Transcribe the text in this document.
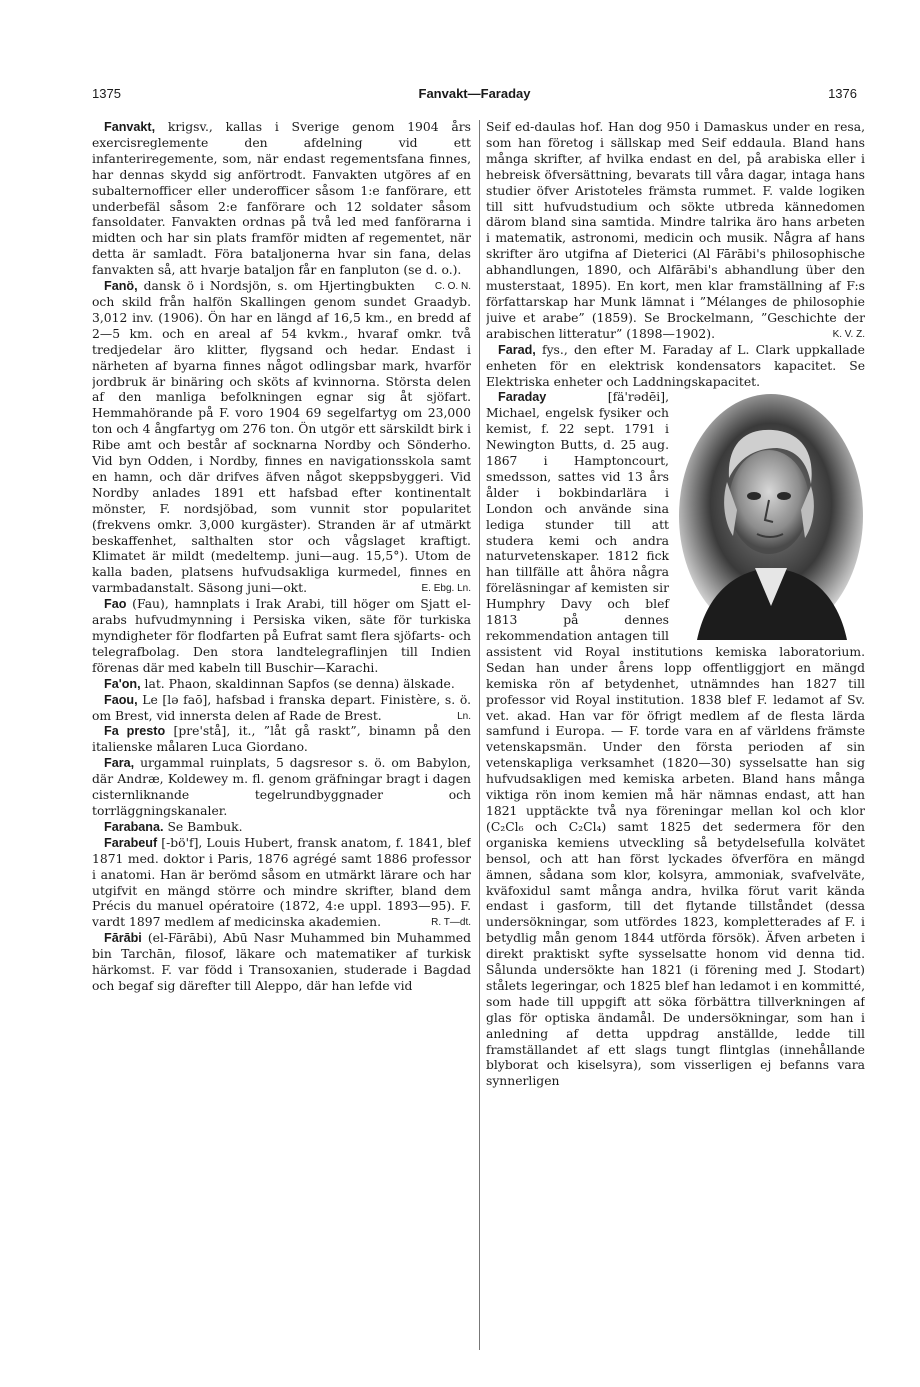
1375	Fanvakt—Faraday	1376

Fanvakt, krigsv., kallas i Sverige genom 1904 års exercisreglemente den afdelning vid ett infanteriregemente, som, när endast regementsfana finnes, har dennas skydd sig anförtrodt. Fanvakten utgöres af en subalternofficer eller underofficer såsom 1:e fanförare, ett underbefäl såsom 2:e fanförare och 12 soldater såsom fansoldater. Fanvakten ordnas på två led med fanförarna i midten och har sin plats framför midten af regementet, när detta är samladt. Föra bataljonerna hvar sin fana, delas fanvakten så, att hvarje bataljon får en fanpluton (se d. o.).
C. O. N.

Fanö, dansk ö i Nordsjön, s. om Hjertingbukten och skild från halfön Skallingen genom sundet Graadyb. 3,012 inv. (1906). Ön har en längd af 16,5 km., en bredd af 2—5 km. och en areal af 54 kvkm., hvaraf omkr. två tredjedelar äro klitter, flygsand och hedar. Endast i närheten af byarna finnes något odlingsbar mark, hvarför jordbruk är binäring och sköts af kvinnorna. Största delen af den manliga befolkningen egnar sig åt sjöfart. Hemmahörande på F. voro 1904 69 segelfartyg om 23,000 ton och 4 ångfartyg om 276 ton. Ön utgör ett särskildt birk i Ribe amt och består af socknarna Nordby och Sönderho. Vid byn Odden, i Nordby, finnes en navigationsskola samt en hamn, och där drifves äfven något skeppsbyggeri. Vid Nordby anlades 1891 ett hafsbad efter kontinentalt mönster, F. nordsjöbad, som vunnit stor popularitet (frekvens omkr. 3,000 kurgäster). Stranden är af utmärkt beskaffenhet, salthalten stor och vågslaget kraftigt. Klimatet är mildt (medeltemp. juni—aug. 15,5°). Utom de kalla baden, platsens hufvudsakliga kurmedel, finnes en varmbadanstalt. Säsong juni—okt.	E. Ebg. Ln.

Fao (Fau), hamnplats i Irak Arabi, till höger om Sjatt el-arabs hufvudmynning i Persiska viken, säte för turkiska myndigheter för flodfarten på Eufrat samt flera sjöfarts- och telegrafbolag. Den stora landtelegraflinjen till Indien förenas där med kabeln till Buschir—Karachi.

Fa'on, lat. Phaon, skaldinnan Sapfos (se denna) älskade.

Faou, Le [lə faō], hafsbad i franska depart. Finistère, s. ö. om Brest, vid innersta delen af Rade de Brest.	Ln.

Fa presto [pre'stå], it., ”låt gå raskt”, binamn på den italienske målaren Luca Giordano.

Fara, urgammal ruinplats, 5 dagsresor s. ö. om Babylon, där Andræ, Koldewey m. fl. genom gräfningar bragt i dagen cisternliknande tegelrundbyggnader och torrläggningskanaler.

Farabana. Se Bambuk.

Farabeuf [-bö'f], Louis Hubert, fransk anatom, f. 1841, blef 1871 med. doktor i Paris, 1876 agrégé samt 1886 professor i anatomi. Han är berömd såsom en utmärkt lärare och har utgifvit en mängd större och mindre skrifter, bland dem Précis du manuel opératoire (1872, 4:e uppl. 1893—95). F. vardt 1897 medlem af medicinska akademien.	R. T—dt.

Fārābi (el-Fārābi), Abū Nasr Muhammed bin Muhammed bin Tarchān, filosof, läkare och matematiker af turkisk härkomst. F. var född i Transoxanien, studerade i Bagdad och begaf sig därefter till Aleppo, där han lefde vid

Seif ed-daulas hof. Han dog 950 i Damaskus under en resa, som han företog i sällskap med Seif eddaula. Bland hans många skrifter, af hvilka endast en del, på arabiska eller i hebreisk öfversättning, bevarats till våra dagar, intaga hans studier öfver Aristoteles främsta rummet. F. valde logiken till sitt hufvudstudium och sökte utbreda kännedomen därom bland sina samtida. Mindre talrika äro hans arbeten i matematik, astronomi, medicin och musik. Några af hans skrifter äro utgifna af Dieterici (Al Fārābi's philosophische abhandlungen, 1890, och Alfārābi's abhandlung über den musterstaat, 1895). En kort, men klar framställning af F:s författarskap har Munk lämnat i ”Mélanges de philosophie juive et arabe” (1859). Se Brockelmann, ”Geschichte der arabischen litteratur” (1898—1902).	K. V. Z.

Farad, fys., den efter M. Faraday af L. Clark uppkallade enheten för en elektrisk kondensators kapacitet. Se Elektriska enheter och Laddningskapacitet.

Faraday	[fä'rədēi], Michael, engelsk fysiker och kemist, f. 22 sept. 1791 i Newington Butts, d. 25 aug. 1867 i Hamptoncourt, smedsson, sattes vid 13 års ålder i bokbindarlära i London och använde sina lediga stunder till att studera kemi och andra naturvetenskaper. 1812 fick han tillfälle att åhöra några föreläsningar af kemisten sir Humphry Davy och blef 1813 på dennes rekommendation antagen till assistent vid Royal institutions kemiska laboratorium. Sedan han under årens lopp offentliggjort en mängd kemiska rön af betydenhet, utnämndes han 1827 till professor vid Royal institution. 1838 blef F. ledamot af Sv. vet. akad. Han var för öfrigt medlem af de flesta lärda samfund i Europa. — F. torde vara en af världens främste vetenskapsmän. Under den första perioden af sin vetenskapliga verksamhet (1820—30) sysselsatte han sig hufvudsakligen med kemiska arbeten. Bland hans många viktiga rön inom kemien må här nämnas endast, att han 1821 upptäckte två nya föreningar mellan kol och klor (C₂Cl₆ och C₂Cl₄) samt 1825 det sedermera för den organiska kemiens utveckling så betydelsefulla kolvätet bensol, och att han först lyckades öfverföra en mängd ämnen, sådana som klor, kolsyra, ammoniak, svafvelväte, kväfoxidul samt många andra, hvilka förut varit kända endast i gasform, till det flytande tillståndet (dessa undersökningar, som utfördes 1823, kompletterades af F. i betydlig mån genom 1844 utförda försök). Äfven arbeten i direkt praktiskt syfte sysselsatte honom vid denna tid. Sålunda undersökte han 1821 (i förening med J. Stodart) stålets legeringar, och 1825 blef han ledamot i en kommitté, som hade till uppgift att söka förbättra tillverkningen af glas för optiska ändamål. De undersökningar, som han i anledning af detta uppdrag anställde, ledde till framställandet af ett slags tungt flintglas (innehållande blyborat och kiselsyra), som visserligen ej befanns vara synnerligen
